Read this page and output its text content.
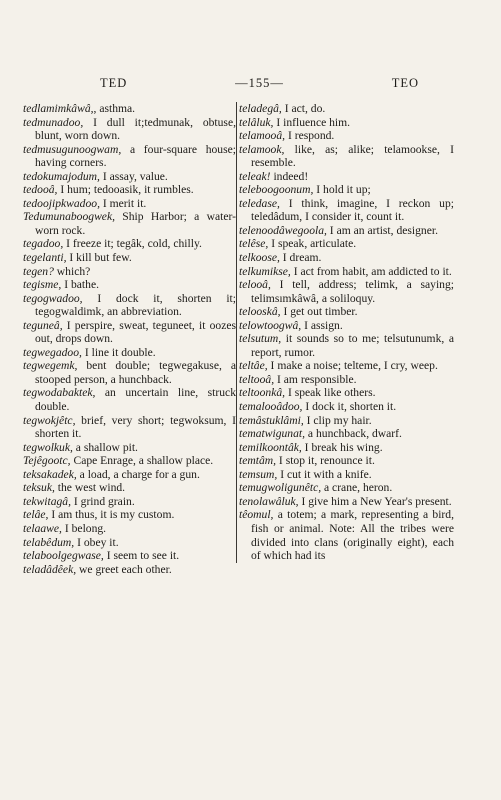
TED	—155—	TEO
tedlamimkâwâ,, asthma.
tedmunadoo, I dull it;tedmunak, obtuse, blunt, worn down.
tedmusugunoogwam, a four-square house; having corners.
tedokumajodum, I assay, value.
tedooâ, I hum; tedooasik, it rumbles.
tedoojipkwadoo, I merit it.
Tedumunaboogwek, Ship Harbor; a water-worn rock.
tegadoo, I freeze it; tegâk, cold, chilly.
tegelanti, I kill but few.
tegen? which?
tegisme, I bathe.
tegogwadoo, I dock it, shorten it; tegogwaldimk, an abbreviation.
teguneâ, I perspire, sweat, teguneet, it oozes out, drops down.
tegwegadoo, I line it double.
tegwegemk, bent double; tegwegakuse, a stooped person, a hunchback.
tegwodabaktek, an uncertain line, struck double.
tegwokjêtc, brief, very short; tegwoksum, I shorten it.
tegwolkuk, a shallow pit.
Tejêgootc, Cape Enrage, a shallow place.
teksakadek, a load, a charge for a gun.
teksuk, the west wind.
tekwitagâ, I grind grain.
telâe, I am thus, it is my custom.
telaawe, I belong.
telabêdum, I obey it.
telaboolgegwase, I seem to see it.
teladâdêek, we greet each other.
teladegâ, I act, do.
telâluk, I influence him.
telamooâ, I respond.
telamook, like, as; alike; telamookse, I resemble.
teleak! indeed!
teleboogoonum, I hold it up;
teledase, I think, imagine, I reckon up; teledâdum, I consider it, count it.
telenoodâwegoola, I am an artist, designer.
telêse, I speak, articulate.
telkoose, I dream.
telkumikse, I act from habit, am addicted to it.
telooâ, I tell, address; telimk, a saying; telimsımkâwâ, a soliloquy.
telooskâ, I get out timber.
telowtoogwâ, I assign.
telsutum, it sounds so to me; telsutunumk, a report, rumor.
teltâe, I make a noise; telteme, I cry, weep.
teltooâ, I am responsible.
teltoonkâ, I speak like others.
temalooâdoo, I dock it, shorten it.
temâstuklâmi, I clip my hair.
tematwigunat, a hunchback, dwarf.
temilkoontâk, I break his wing.
temtâm, I stop it, renounce it.
temsum, I cut it with a knife.
temugwoligunêtc, a crane, heron.
tenolawâluk, I give him a New Year's present.
têomul, a totem; a mark, representing a bird, fish or animal. Note: All the tribes were divided into clans (originally eight), each of which had its
